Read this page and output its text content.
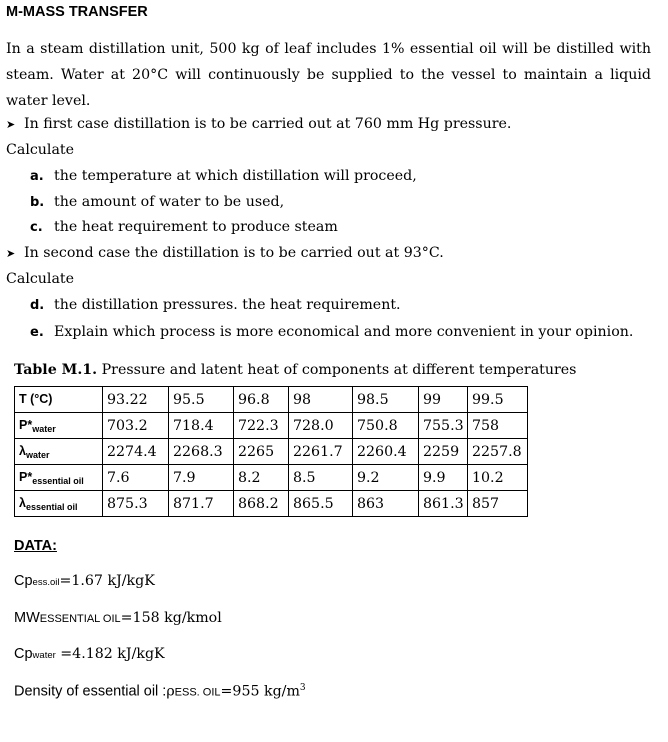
M-MASS TRANSFER
In a steam distillation unit, 500 kg of leaf includes 1% essential oil will be distilled with steam. Water at 20°C will continuously be supplied to the vessel to maintain a liquid water level.
➤ In first case distillation is to be carried out at 760 mm Hg pressure.
Calculate
a. the temperature at which distillation will proceed,
b. the amount of water to be used,
c. the heat requirement to produce steam
➤ In second case the distillation is to be carried out at 93°C.
Calculate
d. the distillation pressures. the heat requirement.
e. Explain which process is more economical and more convenient in your opinion.
Table M.1. Pressure and latent heat of components at different temperatures
T (°C)	93.22	95.5	96.8	98	98.5	99	99.5
$P*_{water}$	703.2	718.4	722.3	728.0	750.8	755.3	758
$\lambda_{water}$	2274.4	2268.3	2265	2261.7	2260.4	2259	2257.8
$P*_{essential oil}$	7.6	7.9	8.2	8.5	9.2	9.9	10.2
$\lambda_{essential oil}$	875.3	871.7	868.2	865.5	863	861.3	857
DATA:
Cpess.oil=1.67 kJ/kgK
MWESSENTIAL OIL=158 kg/kmol
Cpwater =4.182 kJ/kgK
Density of essential oil :ρESS. OIL=955 $kg/m^3$
